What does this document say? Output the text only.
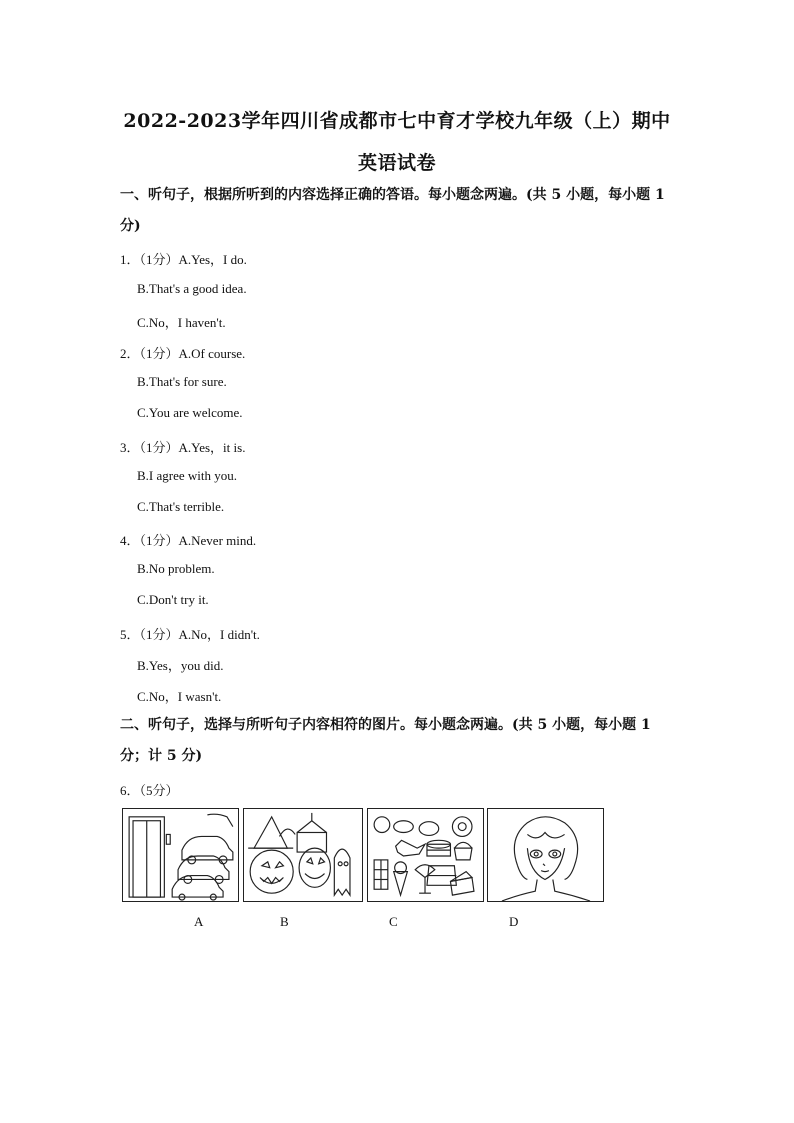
2022-2023学年四川省成都市七中育才学校九年级（上）期中
英语试卷
一、听句子，根据所听到的内容选择正确的答语。每小题念两遍。(共 5 小题，每小题 1 分)
1．（1分）A.Yes，I do.
B.That's a good idea.
C.No，I haven't.
2．（1分）A.Of course.
B.That's for sure.
C.You are welcome.
3．（1分）A.Yes，it is.
B.I agree with you.
C.That's terrible.
4．（1分）A.Never mind.
B.No problem.
C.Don't try it.
5．（1分）A.No，I didn't.
B.Yes，you did.
C.No，I wasn't.
二、听句子，选择与所听句子内容相符的图片。每小题念两遍。(共 5 小题，每小题 1 分；计 5 分)
6．（5分）
A	B	C	D
